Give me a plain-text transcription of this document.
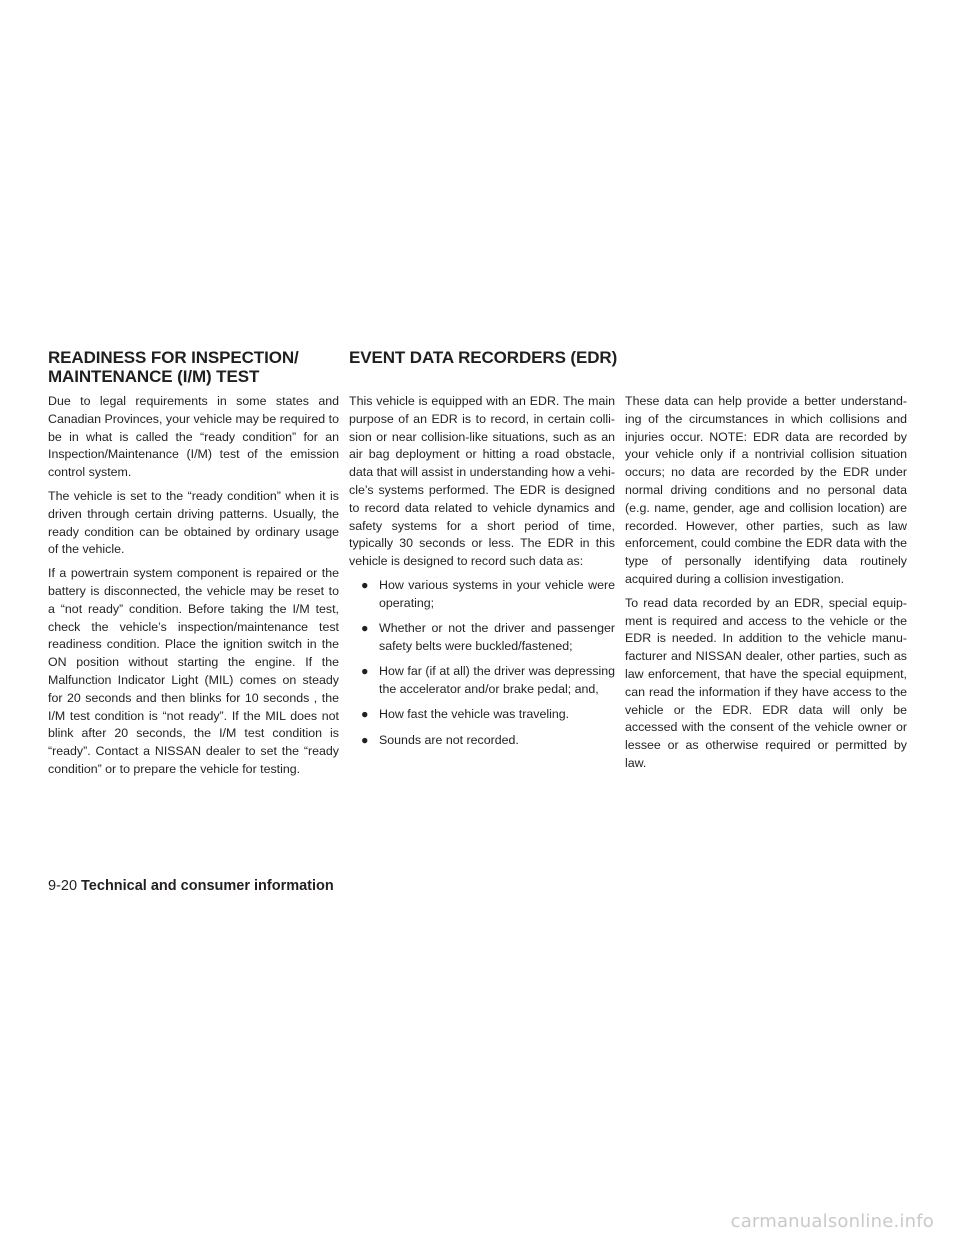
READINESS FOR INSPECTION/ MAINTENANCE (I/M) TEST
EVENT DATA RECORDERS (EDR)

Due to legal requirements in some states and Canadian Provinces, your vehicle may be required to be in what is called the “ready condition” for an Inspection/Maintenance (I/M) test of the emission control system.

The vehicle is set to the “ready condition” when it is driven through certain driving patterns. Usually, the ready condition can be obtained by ordinary usage of the vehicle.

If a powertrain system component is repaired or the battery is disconnected, the vehicle may be reset to a “not ready” condition. Before taking the I/M test, check the vehicle’s inspection/maintenance test readiness condition. Place the ignition switch in the ON position without starting the engine. If the Malfunction Indicator Light (MIL) comes on steady for 20 seconds and then blinks for 10 seconds , the I/M test condition is “not ready”. If the MIL does not blink after 20 seconds, the I/M test condition is “ready”. Contact a NISSAN dealer to set the “ready condition” or to prepare the vehicle for testing.

This vehicle is equipped with an EDR. The main purpose of an EDR is to record, in certain collision or near collision-like situations, such as an air bag deployment or hitting a road obstacle, data that will assist in understanding how a vehicle’s systems performed. The EDR is designed to record data related to vehicle dynamics and safety systems for a short period of time, typically 30 seconds or less. The EDR in this vehicle is designed to record such data as:

● How various systems in your vehicle were operating;
● Whether or not the driver and passenger safety belts were buckled/fastened;
● How far (if at all) the driver was depressing the accelerator and/or brake pedal; and,
● How fast the vehicle was traveling.
● Sounds are not recorded.

These data can help provide a better understanding of the circumstances in which collisions and injuries occur. NOTE: EDR data are recorded by your vehicle only if a nontrivial collision situation occurs; no data are recorded by the EDR under normal driving conditions and no personal data (e.g. name, gender, age and collision location) are recorded. However, other parties, such as law enforcement, could combine the EDR data with the type of personally identifying data routinely acquired during a collision investigation.

To read data recorded by an EDR, special equipment is required and access to the vehicle or the EDR is needed. In addition to the vehicle manufacturer and NISSAN dealer, other parties, such as law enforcement, that have the special equipment, can read the information if they have access to the vehicle or the EDR. EDR data will only be accessed with the consent of the vehicle owner or lessee or as otherwise required or permitted by law.

9-20 Technical and consumer information
carmanualsonline.info
